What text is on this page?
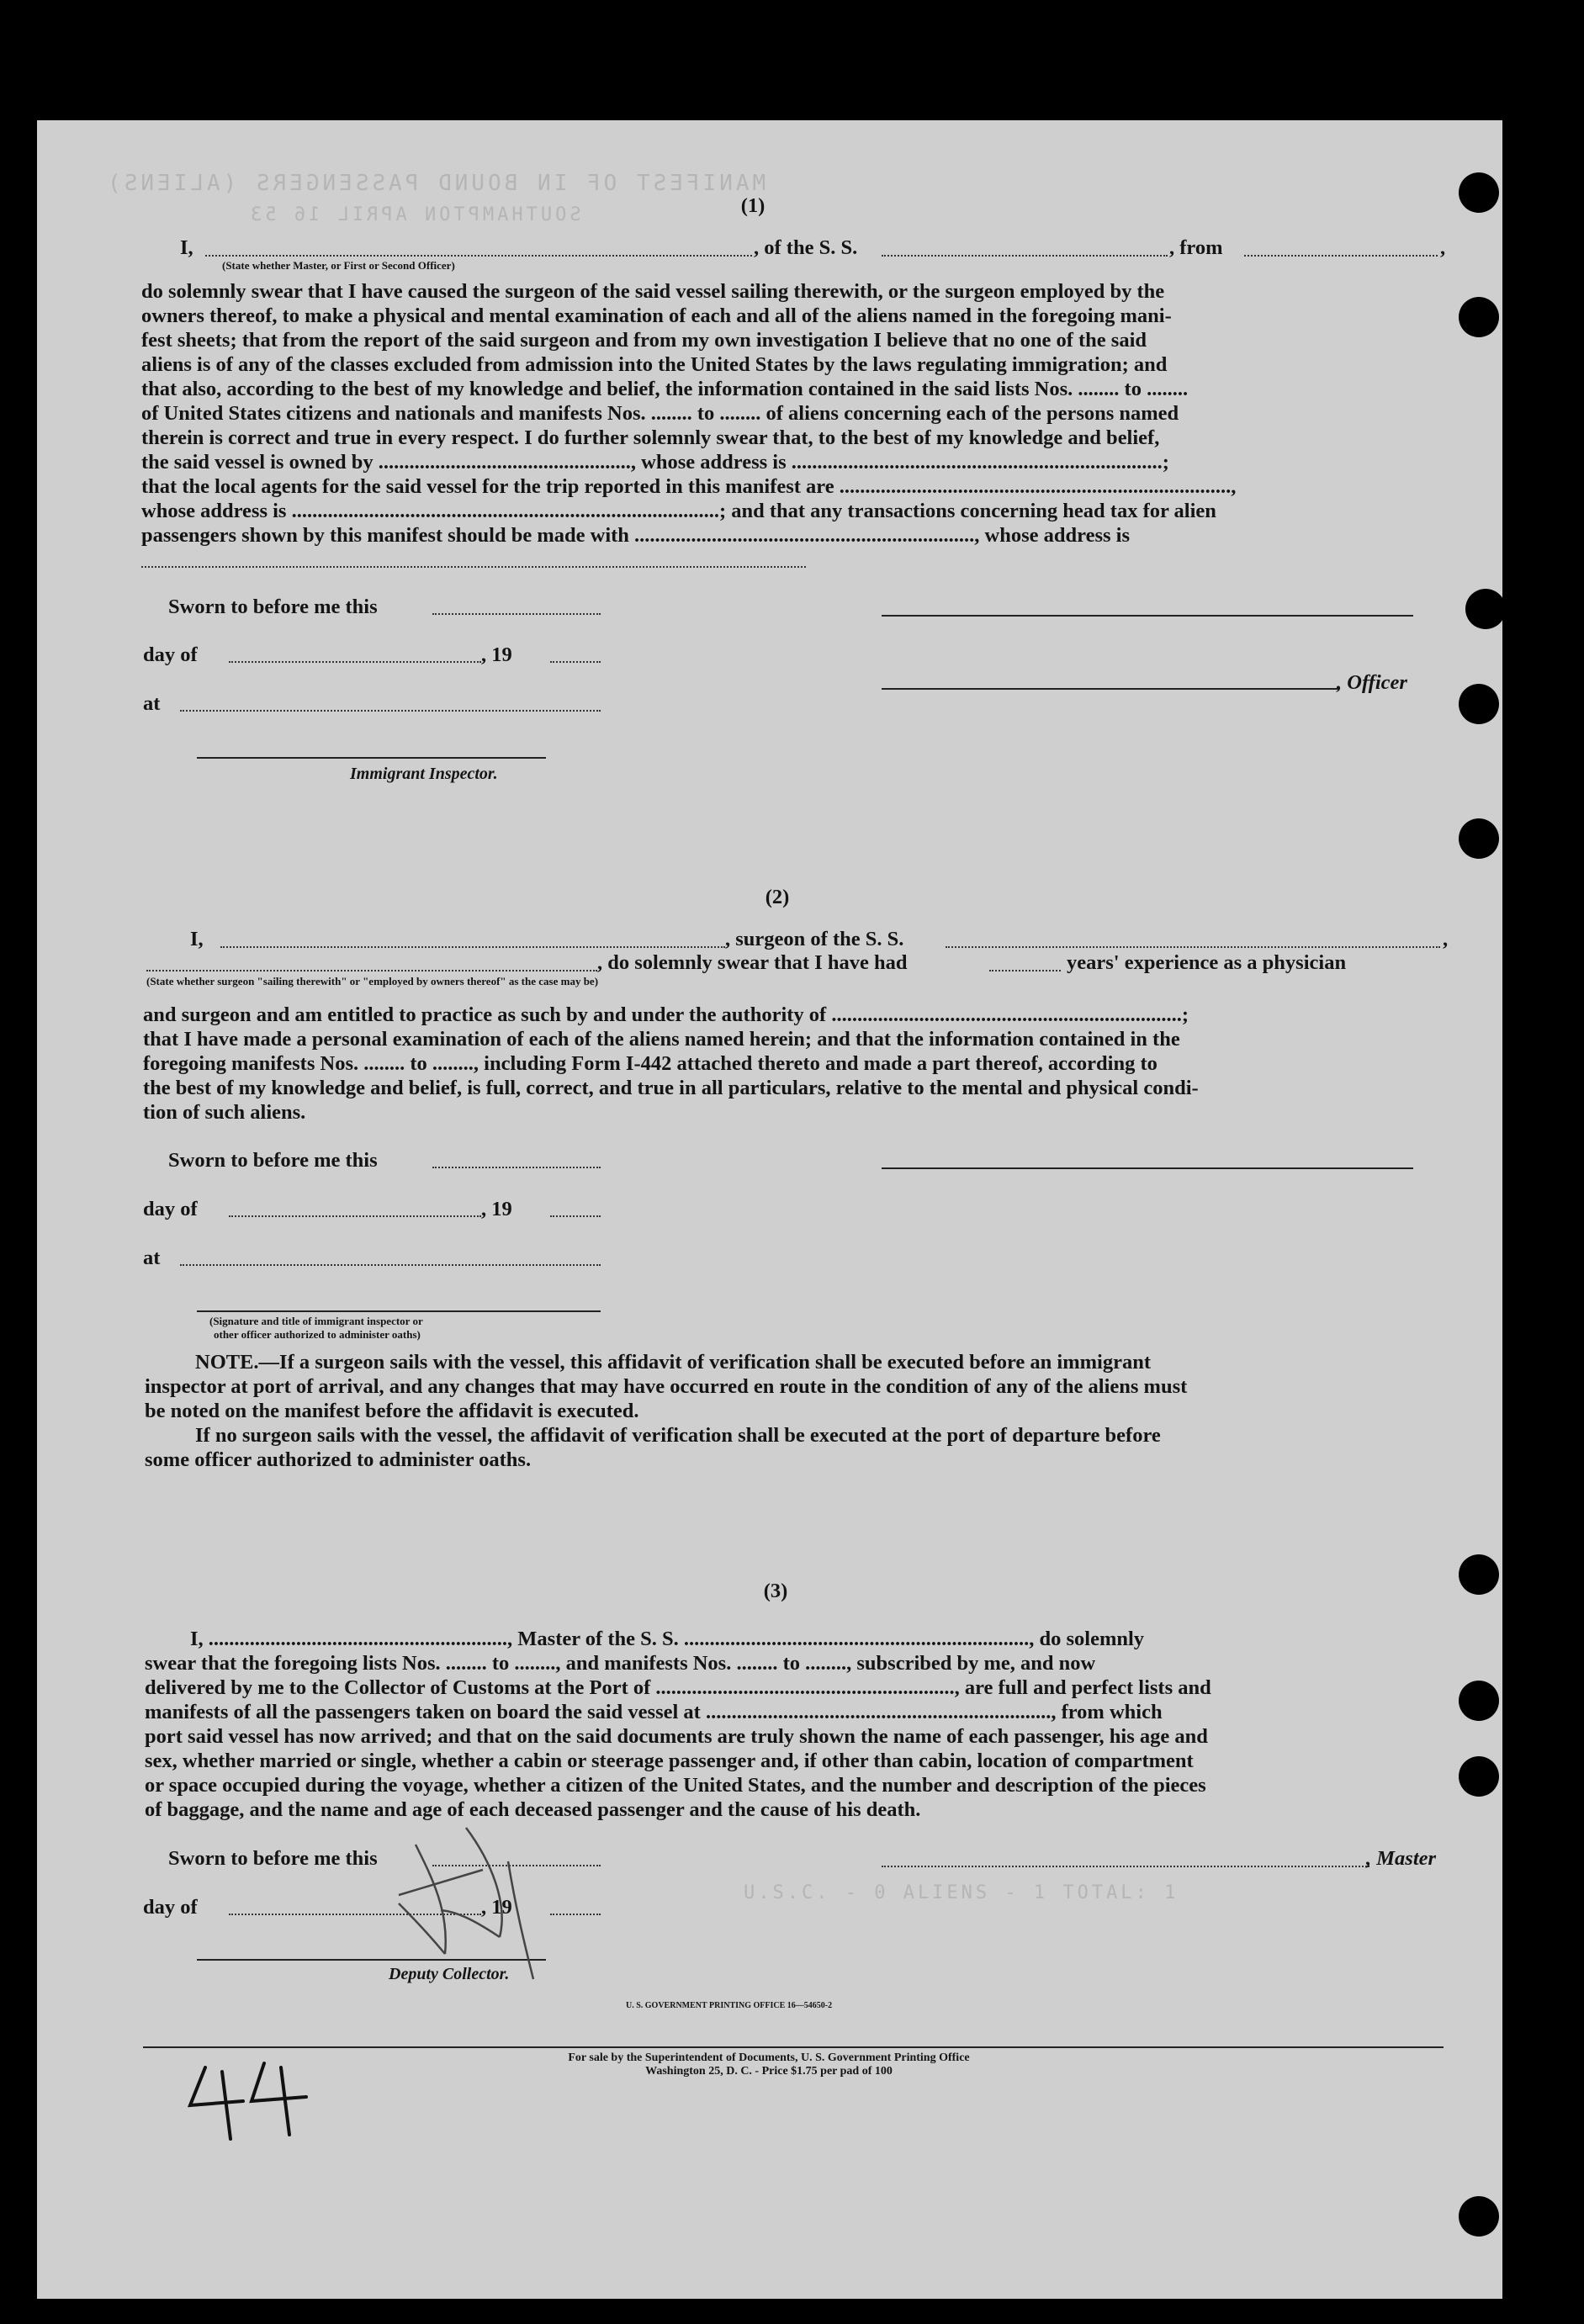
MANIFEST OF IN BOUND PASSENGERS (ALIENS)
SOUTHAMPTON APRIL 16 53
U.S.C. - 0 ALIENS - 1 TOTAL: 1
(1)
I,	, of the S. S.	, from	,
(State whether Master, or First or Second Officer)
do solemnly swear that I have caused the surgeon of the said vessel sailing therewith, or the surgeon employed by the
owners thereof, to make a physical and mental examination of each and all of the aliens named in the foregoing mani-
fest sheets; that from the report of the said surgeon and from my own investigation I believe that no one of the said
aliens is of any of the classes excluded from admission into the United States by the laws regulating immigration; and
that also, according to the best of my knowledge and belief, the information contained in the said lists Nos. ........ to ........
of United States citizens and nationals and manifests Nos. ........ to ........ of aliens concerning each of the persons named
therein is correct and true in every respect. I do further solemnly swear that, to the best of my knowledge and belief,
the said vessel is owned by ................................................., whose address is ........................................................................;
that the local agents for the said vessel for the trip reported in this manifest are ............................................................................,
whose address is ...................................................................................; and that any transactions concerning head tax for alien
passengers shown by this manifest should be made with .................................................................., whose address is
Sworn to before me this
day of	, 19
at
, Officer
Immigrant Inspector.
(2)
I,	, surgeon of the S. S.	,
, do solemnly swear that I have had	years' experience as a physician
(State whether surgeon "sailing therewith" or "employed by owners thereof" as the case may be)
and surgeon and am entitled to practice as such by and under the authority of ....................................................................;
that I have made a personal examination of each of the aliens named herein; and that the information contained in the
foregoing manifests Nos. ........ to ........, including Form I-442 attached thereto and made a part thereof, according to
the best of my knowledge and belief, is full, correct, and true in all particulars, relative to the mental and physical condi-
tion of such aliens.
Sworn to before me this
day of	, 19
at
(Signature and title of immigrant inspector or
other officer authorized to administer oaths)
NOTE.—If a surgeon sails with the vessel, this affidavit of verification shall be executed before an immigrant
inspector at port of arrival, and any changes that may have occurred en route in the condition of any of the aliens must
be noted on the manifest before the affidavit is executed.
If no surgeon sails with the vessel, the affidavit of verification shall be executed at the port of departure before
some officer authorized to administer oaths.
(3)
I, .........................................................., Master of the S. S. ..................................................................., do solemnly
swear that the foregoing lists Nos. ........ to ........, and manifests Nos. ........ to ........, subscribed by me, and now
delivered by me to the Collector of Customs at the Port of .........................................................., are full and perfect lists and
manifests of all the passengers taken on board the said vessel at ..................................................................., from which
port said vessel has now arrived; and that on the said documents are truly shown the name of each passenger, his age and
sex, whether married or single, whether a cabin or steerage passenger and, if other than cabin, location of compartment
or space occupied during the voyage, whether a citizen of the United States, and the number and description of the pieces
of baggage, and the name and age of each deceased passenger and the cause of his death.
Sworn to before me this
day of	, 19
, Master
Deputy Collector.
U. S. GOVERNMENT PRINTING OFFICE 16—54650-2
For sale by the Superintendent of Documents, U. S. Government Printing Office
Washington 25, D. C. - Price $1.75 per pad of 100
